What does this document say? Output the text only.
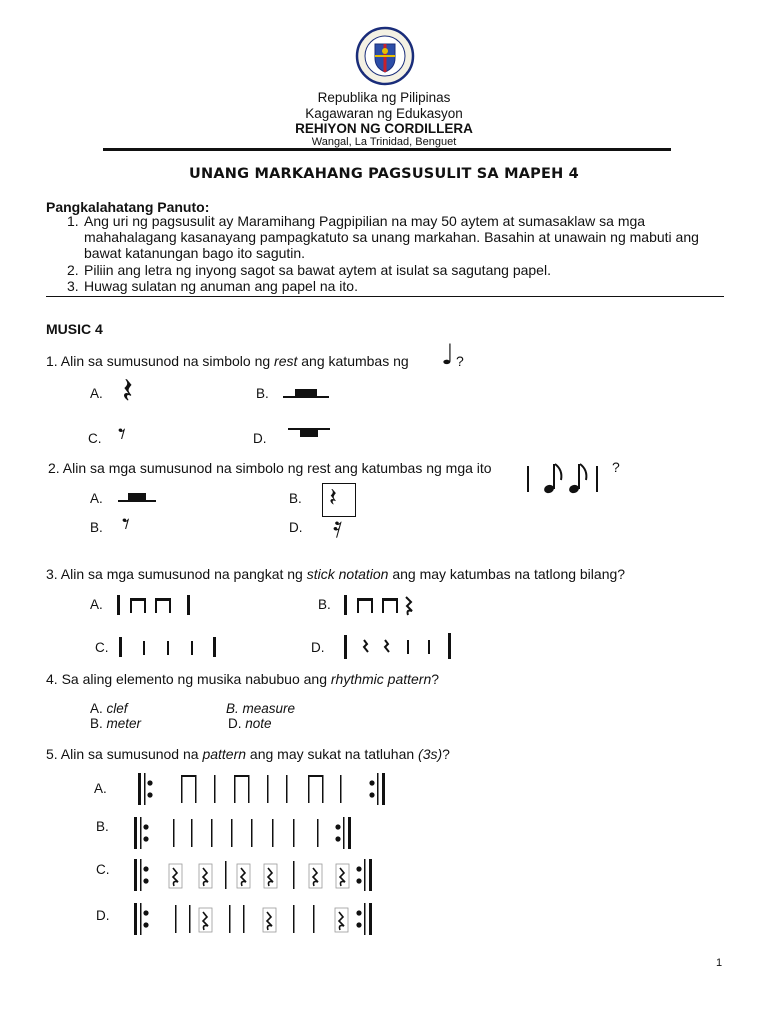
Republika ng Pilipinas
Kagawaran ng Edukasyon
REHIYON NG CORDILLERA
Wangal, La Trinidad, Benguet
UNANG MARKAHANG PAGSUSULIT SA MAPEH 4
Pangkalahatang Panuto:
1. Ang uri ng pagsusulit ay Maramihang Pagpipilian na may 50 aytem at sumasaklaw sa mga mahahalagang kasanayang pampagkatuto sa unang markahan. Basahin at unawain ng mabuti ang bawat katanungan bago ito sagutin.
2. Piliin ang letra ng inyong sagot sa bawat aytem at isulat sa sagutang papel.
3. Huwag sulatan ng anuman ang papel na ito.
MUSIC 4
1. Alin sa sumusunod na simbolo ng rest ang katumbas ng ♩ ?
A. 𝄽	B.
C. 𝄾	D.
2. Alin sa mga sumusunod na simbolo ng rest ang katumbas ng mga ito	?
A.	B. 𝄽
B. 𝄾	D. 𝄿
3. Alin sa mga sumusunod na pangkat ng stick notation ang may katumbas na tatlong bilang?
A.	B.
C.	D.
4. Sa aling elemento ng musika nabubuo ang rhythmic pattern?
A. clef	B. measure
B. meter	D. note
5. Alin sa sumusunod na pattern ang may sukat na tatluhan (3s)?
A.
B.
C.
D.
1
